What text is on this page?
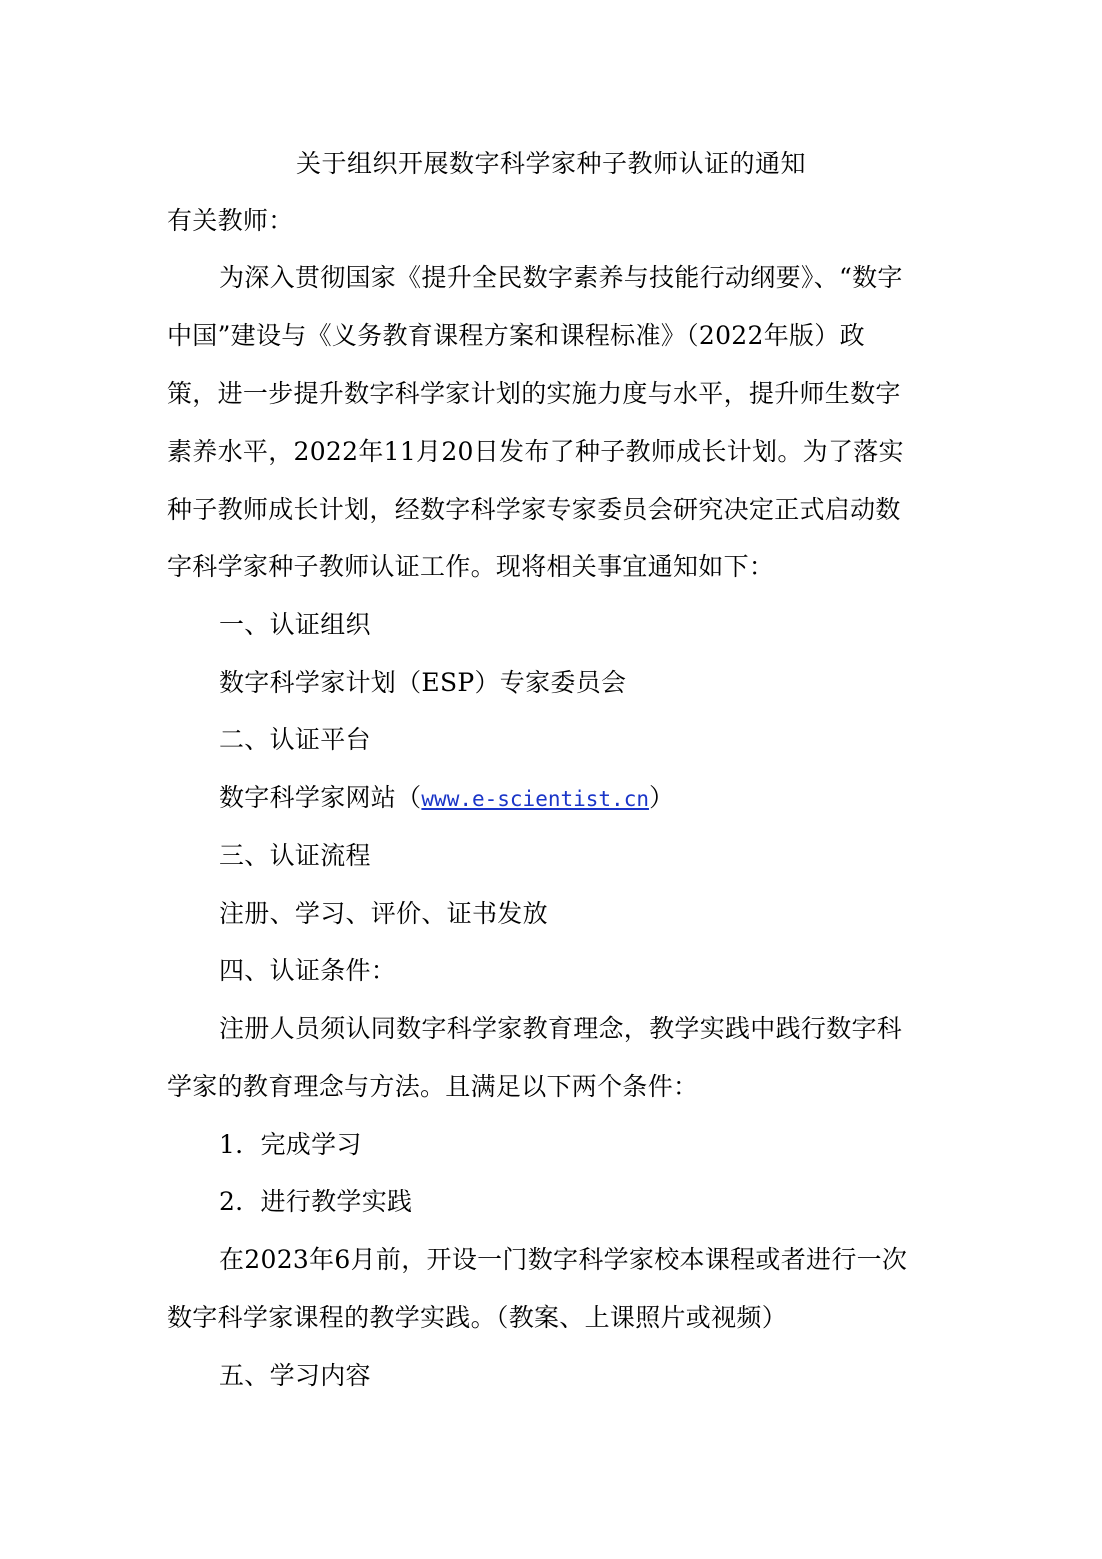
关于组织开展数字科学家种子教师认证的通知
有关教师：
为深入贯彻国家《提升全民数字素养与技能行动纲要》、“数字
中国”建设与《义务教育课程方案和课程标准》（2022年版）政
策，进一步提升数字科学家计划的实施力度与水平，提升师生数字
素养水平，2022年11月20日发布了种子教师成长计划。为了落实
种子教师成长计划，经数字科学家专家委员会研究决定正式启动数
字科学家种子教师认证工作。现将相关事宜通知如下：
一、认证组织
数字科学家计划（ESP）专家委员会
二、认证平台
数字科学家网站（www.e-scientist.cn）
三、认证流程
注册、学习、评价、证书发放
四、认证条件：
注册人员须认同数字科学家教育理念，教学实践中践行数字科
学家的教育理念与方法。且满足以下两个条件：
1．完成学习
2．进行教学实践
在2023年6月前，开设一门数字科学家校本课程或者进行一次
数字科学家课程的教学实践。（教案、上课照片或视频）
五、学习内容
